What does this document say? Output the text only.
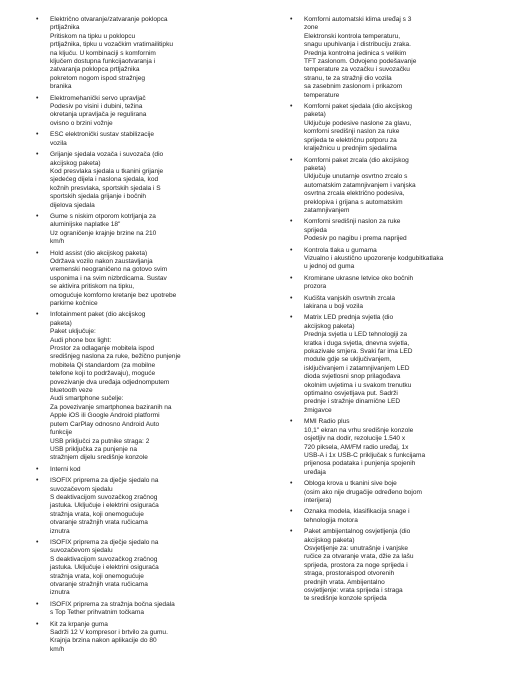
• Električno otvaranje/zatvaranje poklopca
prtljažnika
Pritiskom na tipku u poklopcu
prtljažnika, tipku u vozačkim vratimailitipku
na ključu. U kombinaciji s komfornim
ključem dostupna funkcijaotvaranja i
zatvaranja poklopca prtljažnika
pokretom nogom ispod stražnjeg
branika
• Elektromehanički servo upravljač
Podesiv po visini i dubini, težina
okretanja upravljača je regulirana
ovisno o brzini vožnje
• ESC elektronički sustav stabilizacije
vozila
• Grijanje sjedala vozača i suvozača (dio
akcijskog paketa)
Kod presvlaka sjedala u tkanini grijanje
sjedećeg dijela i naslona sjedala, kod
kožnih presvlaka, sportskih sjedala i S
sportskih sjedala grijanje i bočnih
dijelova sjedala
• Gume s niskim otporom kotrljanja za
aluminijske naplatke 18"
Uz ograničenje krajnje brzine na 210
km/h
• Hold assist (dio akcijskog paketa)
Održava vozilo nakon zaustavljanja
vremenski neograničeno na gotovo svim
usponima i na svim nizbrdicama. Sustav
se aktivira pritiskom na tipku,
omogućuje komforno kretanje bez upotrebe
parkirne kočnice
• Infotainment paket (dio akcijskog
paketa)
Paket uključuje:
Audi phone box light:
Prostor za odlaganje mobitela ispod
središnjeg naslona za ruke, bežično punjenje
mobitela Qi standardom (za mobilne
telefone koji to podržavaju), moguće
povezivanje dva uređaja odjednomputem
bluetooth veze
Audi smartphone sučelje:
Za povezivanje smartphonea baziranih na
Apple iOS ili Google Android platformi
putem CarPlay odnosno Android Auto
funkcije
USB priključci za putnike straga: 2
USB priključka za punjenje na
stražnjem dijelu središnje konzole
• Interni kod
• ISOFIX priprema za dječje sjedalo na
suvozačevom sjedalu
S deaktivacijom suvozačkog zračnog
jastuka. Uključuje i elektrini osiguraća
stražnja vrata, koji onemogućuje
otvaranje stražnjih vrata ručicama
iznutra
• ISOFIX priprema za dječje sjedalo na
suvozačevom sjedalu
S deaktivacijom suvozačkog zračnog
jastuka. Uključuje i elektrini osiguraća
stražnja vrata, koji onemogućuje
otvaranje stražnjih vrata ručicama
iznutra
• ISOFIX priprema za stražnja bočna sjedala
s Top Tether prihvatnim točkama
• Kit za krpanje guma
Sadrži 12 V kompresor i brtvilo za gumu.
Krajnja brzina nakon aplikacije do 80
km/h
• Komforni automatski klima uređaj s 3
zone
Elektronski kontrola temperaturu,
snagu upuhivanja i distribuciju zraka.
Prednja kontrolna jedinica s velikim
TFT zaslonom. Odvojeno podešavanje
temperature za vozačku i suvozačku
stranu, te za stražnji dio vozila
sa zasebnim zaslonom i prikazom
temperature
• Komforni paket sjedala (dio akcijskog
paketa)
Uključuje podesive naslone za glavu,
komforni središnji naslon za ruke
sprijeda te električnu potporu za
kralježnicu u prednjim sjedalima
• Komforni paket zrcala (dio akcijskog
paketa)
Uključuje unutarnje osvrtno zrcalo s
automatskim zatamnjivanjem i vanjska
osvrtna zrcala električno podesiva,
preklopiva i grijana s automatskim
zatamnjivanjem
• Komforni središnji naslon za ruke
sprijeda
Podesiv po nagibu i prema naprijed
• Kontrola tlaka u gumama
Vizualno i akustično upozorenje kodgubitkatlaka
u jednoj od guma
• Kromirane ukrasne letvice oko bočnih
prozora
• Kućišta vanjskih osvrtnih zrcala
lakirana u boji vozila
• Matrix LED prednja svjetla (dio
akcijskog paketa)
Prednja svjetla u LED tehnologiji za
kratka i duga svjetla, dnevna svjetla,
pokazivale smjera. Svaki far ima LED
module gdje se uključivanjem,
isključivanjem i zatamnjivanjem LED
dioda svjetlosni snop prilagođava
okolnim uvjetima i u svakom trenutku
optimalno osvjetljava put. Sadrži
prednje i stražnje dinamične LED
žmigavce
• MMI Radio plus
10,1" ekran na vrhu središnje konzole
osjetljiv na dodir, rezolucije 1.540 x
720 piksela, AM/FM radio uređaj, 1x
USB-A i 1x USB-C priključak s funkcijama
prijenosa podataka i punjenja spojenih
uređaja
• Obloga krova u tkanini sive boje
(osim ako nije drugačije određeno bojom
interijera)
• Oznaka modela, klasifikacija snage i
tehnologija motora
• Paket ambijentalnog osvjetljenja (dio
akcijskog paketa)
Osvjetljenje za: unutrašnje i vanjske
ručice za otvaranje vrata, džie za lašu
sprijeda, prostora za noge sprijeda i
straga, prostoraispod otvorenih
prednjih vrata. Ambijentalno
osvjetljenje: vrata sprijeda i straga
te središnje konzole sprijeda
